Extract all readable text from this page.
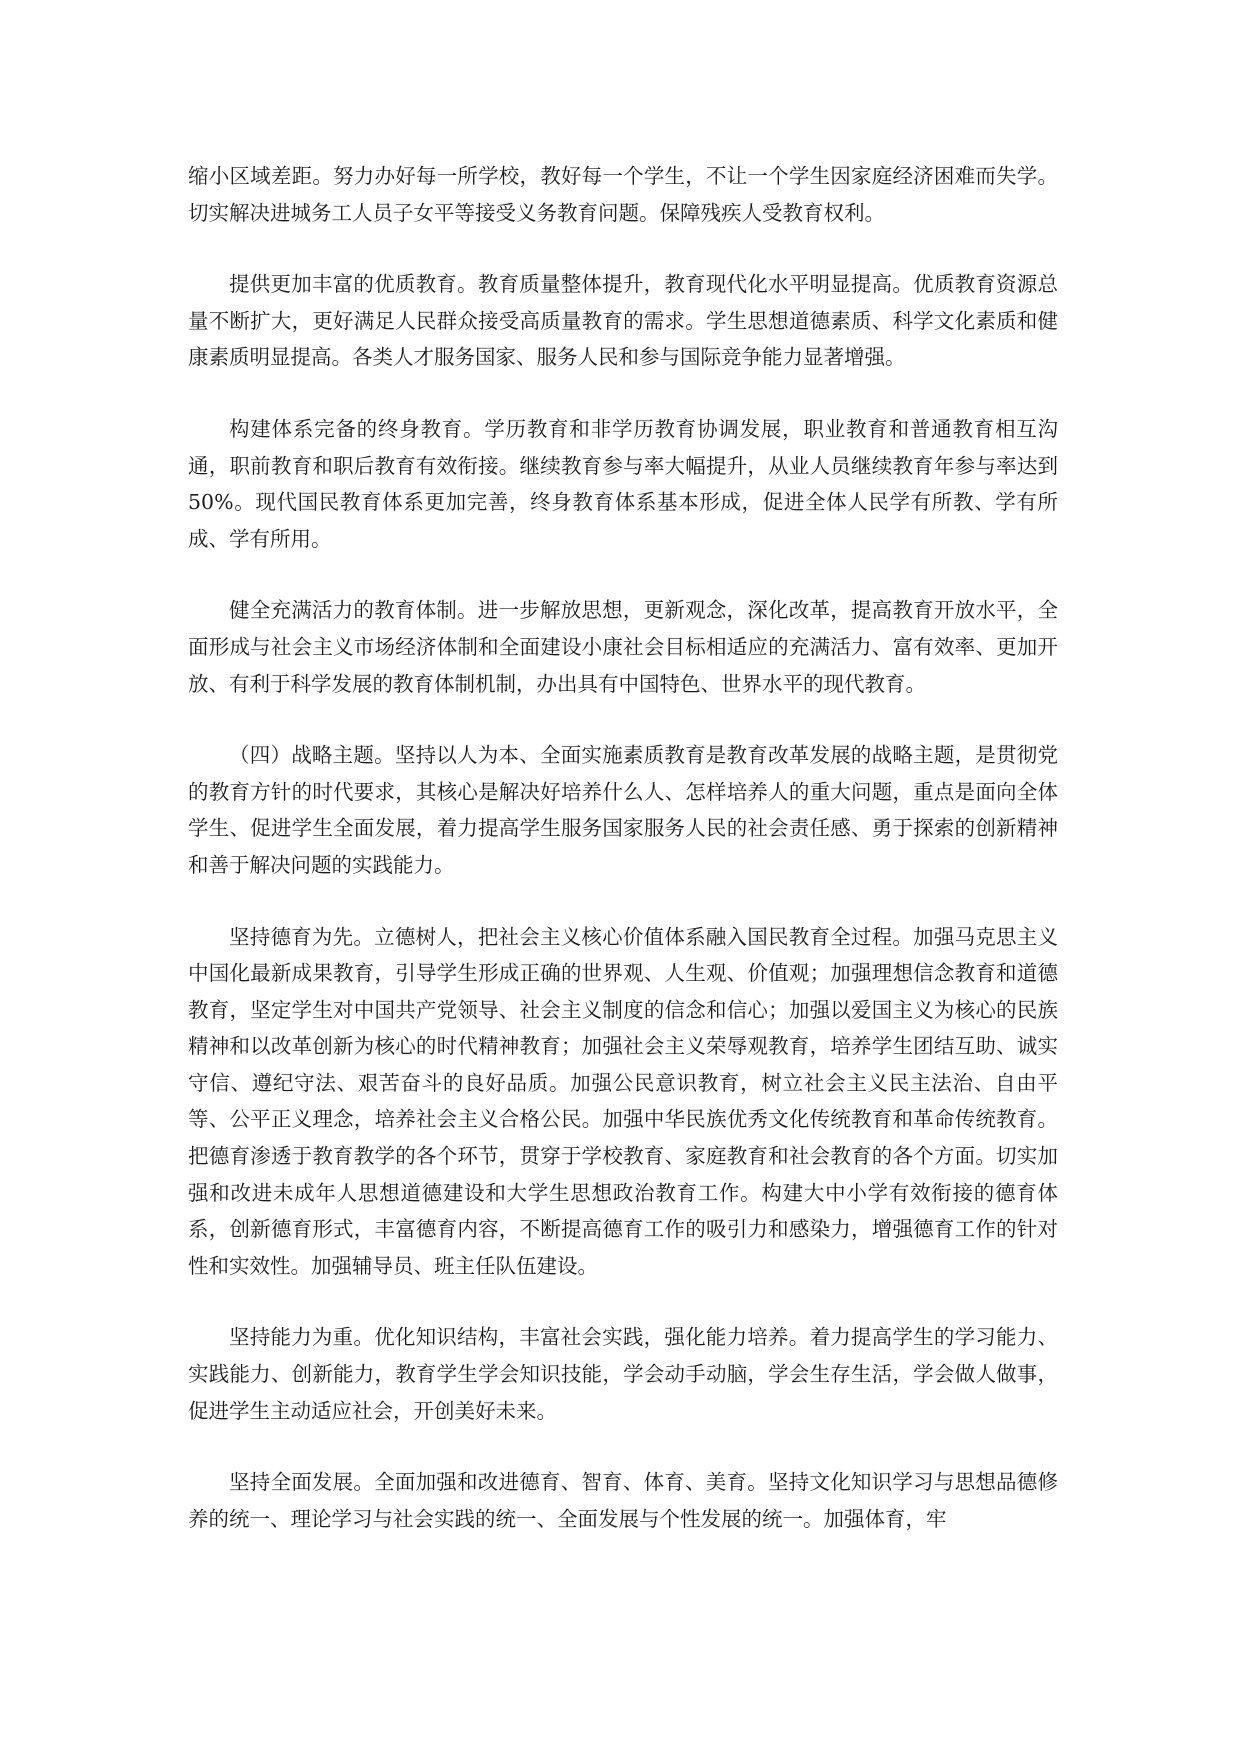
缩小区域差距。努力办好每一所学校，教好每一个学生，不让一个学生因家庭经济困难而失学。切实解决进城务工人员子女平等接受义务教育问题。保障残疾人受教育权利。

提供更加丰富的优质教育。教育质量整体提升，教育现代化水平明显提高。优质教育资源总量不断扩大，更好满足人民群众接受高质量教育的需求。学生思想道德素质、科学文化素质和健康素质明显提高。各类人才服务国家、服务人民和参与国际竞争能力显著增强。

构建体系完备的终身教育。学历教育和非学历教育协调发展，职业教育和普通教育相互沟通，职前教育和职后教育有效衔接。继续教育参与率大幅提升，从业人员继续教育年参与率达到 50%。现代国民教育体系更加完善，终身教育体系基本形成，促进全体人民学有所教、学有所成、学有所用。

健全充满活力的教育体制。进一步解放思想，更新观念，深化改革，提高教育开放水平，全面形成与社会主义市场经济体制和全面建设小康社会目标相适应的充满活力、富有效率、更加开放、有利于科学发展的教育体制机制，办出具有中国特色、世界水平的现代教育。

（四）战略主题。坚持以人为本、全面实施素质教育是教育改革发展的战略主题，是贯彻党的教育方针的时代要求，其核心是解决好培养什么人、怎样培养人的重大问题，重点是面向全体学生、促进学生全面发展，着力提高学生服务国家服务人民的社会责任感、勇于探索的创新精神和善于解决问题的实践能力。

坚持德育为先。立德树人，把社会主义核心价值体系融入国民教育全过程。加强马克思主义中国化最新成果教育，引导学生形成正确的世界观、人生观、价值观；加强理想信念教育和道德教育，坚定学生对中国共产党领导、社会主义制度的信念和信心；加强以爱国主义为核心的民族精神和以改革创新为核心的时代精神教育；加强社会主义荣辱观教育，培养学生团结互助、诚实守信、遵纪守法、艰苦奋斗的良好品质。加强公民意识教育，树立社会主义民主法治、自由平等、公平正义理念，培养社会主义合格公民。加强中华民族优秀文化传统教育和革命传统教育。把德育渗透于教育教学的各个环节，贯穿于学校教育、家庭教育和社会教育的各个方面。切实加强和改进未成年人思想道德建设和大学生思想政治教育工作。构建大中小学有效衔接的德育体系，创新德育形式，丰富德育内容，不断提高德育工作的吸引力和感染力，增强德育工作的针对性和实效性。加强辅导员、班主任队伍建设。

坚持能力为重。优化知识结构，丰富社会实践，强化能力培养。着力提高学生的学习能力、实践能力、创新能力，教育学生学会知识技能，学会动手动脑，学会生存生活，学会做人做事，促进学生主动适应社会，开创美好未来。

坚持全面发展。全面加强和改进德育、智育、体育、美育。坚持文化知识学习与思想品德修养的统一、理论学习与社会实践的统一、全面发展与个性发展的统一。加强体育，牢
